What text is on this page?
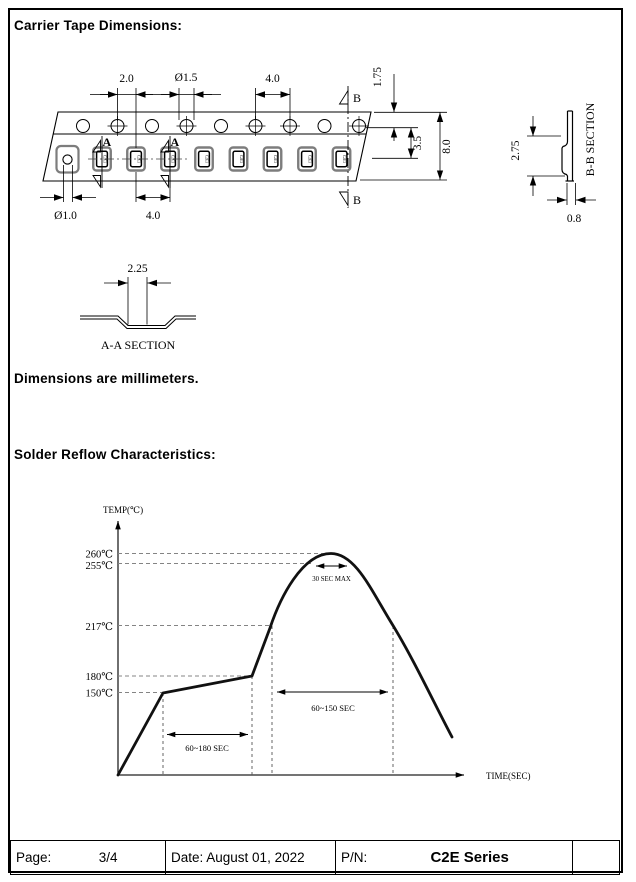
Carrier Tape Dimensions:
Dimensions are millimeters.
Solder Reflow Characteristics:
C2E3	C2E3	C2E3	C2E3	C2E3	C2E3	C2E3	C2E3
A	A
2.0	Ø1.5	4.0
Ø1.0	4.0
B
B
1.75
3.5 8.0	2.75
0.8
B-B SECTION
2.25
A-A SECTION
TEMP(℃)
TIME(SEC)
260℃
255℃
217℃
180℃
150℃
30 SEC MAX
60~150 SEC
60~180 SEC
Page:	3/4	Date: August 01, 2022	P/N:	C2E Series
